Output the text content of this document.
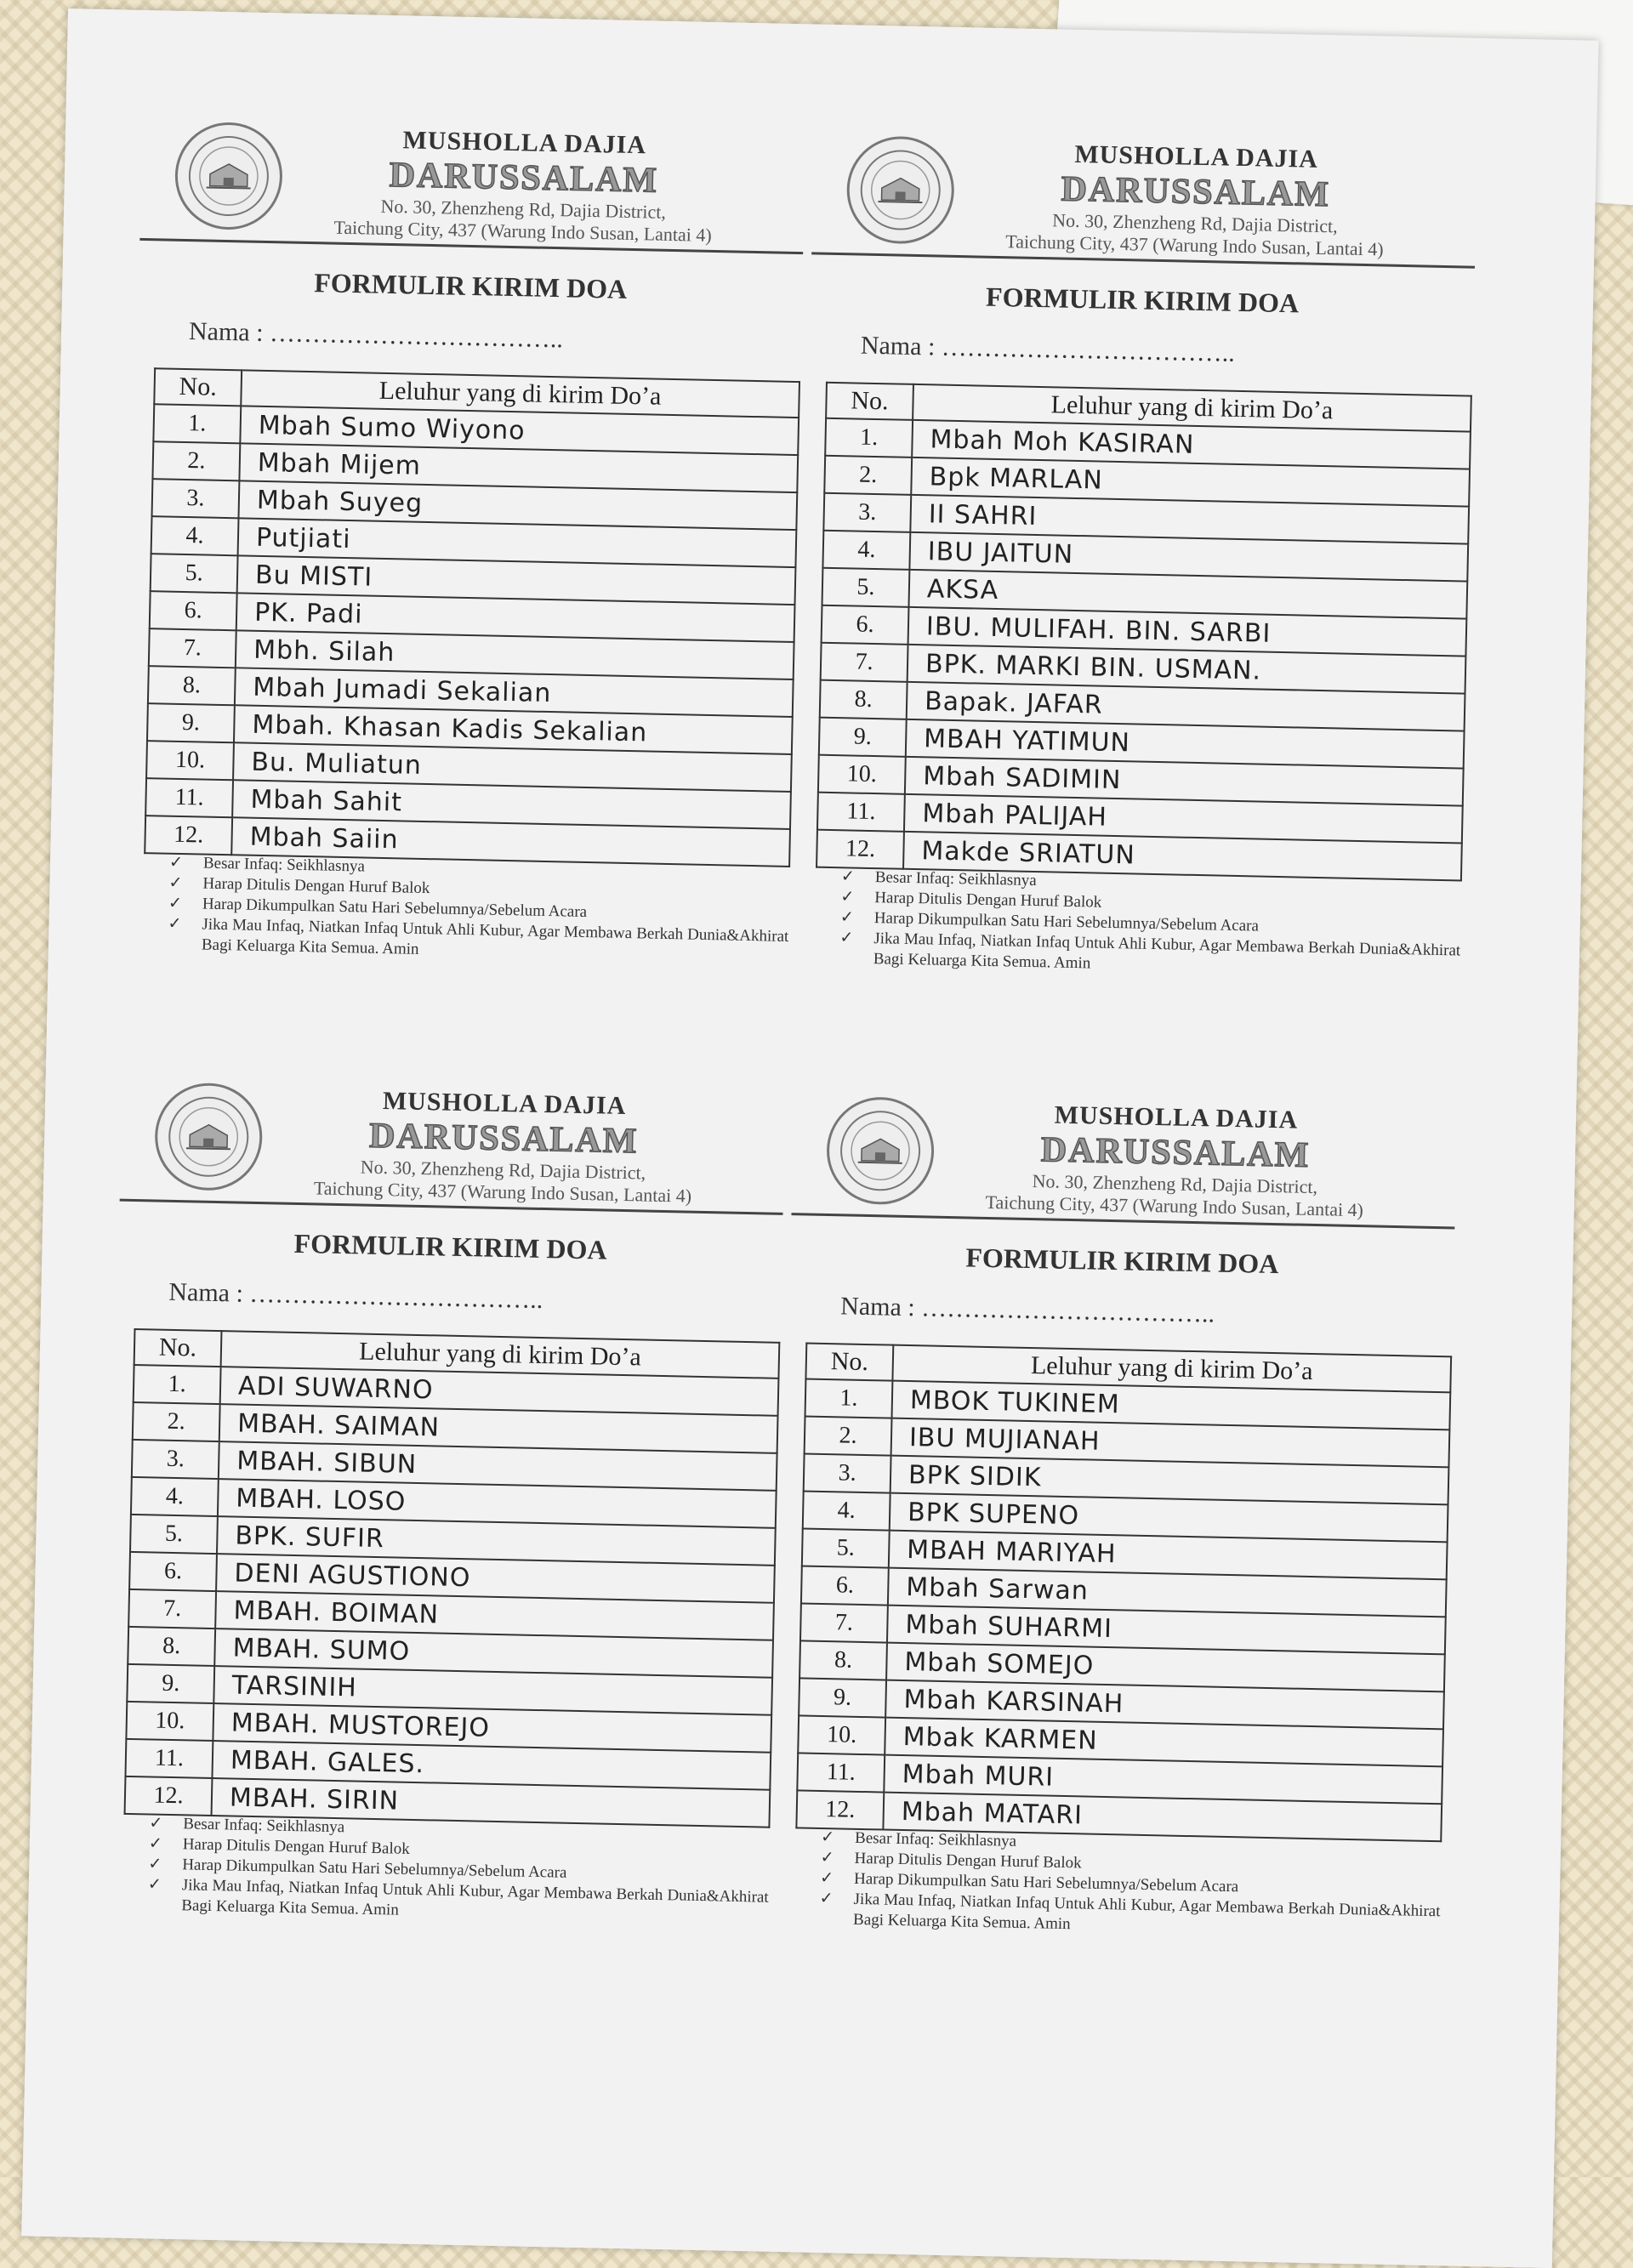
MUSHOLLA DAJIA
DARUSSALAM
No. 30, Zhenzheng Rd, Dajia District,
Taichung City, 437 (Warung Indo Susan, Lantai 4)
FORMULIR KIRIM DOA
Nama : ……………………………..
No.	Leluhur yang di kirim Do’a
1.	Mbah Sumo Wiyono
2.	Mbah Mijem
3.	Mbah Suyeg
4.	Putjiati
5.	Bu MISTI
6.	PK. Padi
7.	Mbh. Silah
8.	Mbah Jumadi Sekalian
9.	Mbah. Khasan Kadis Sekalian
10.	Bu. Muliatun
11.	Mbah Sahit
12.	Mbah Saiin
✓ Besar Infaq: Seikhlasnya
✓ Harap Ditulis Dengan Huruf Balok
✓ Harap Dikumpulkan Satu Hari Sebelumnya/Sebelum Acara
✓ Jika Mau Infaq, Niatkan Infaq Untuk Ahli Kubur, Agar Membawa Berkah Dunia&Akhirat Bagi Keluarga Kita Semua. Amin
MUSHOLLA DAJIA
DARUSSALAM
No. 30, Zhenzheng Rd, Dajia District,
Taichung City, 437 (Warung Indo Susan, Lantai 4)
FORMULIR KIRIM DOA
Nama : ……………………………..
No.	Leluhur yang di kirim Do’a
1.	Mbah Moh KASIRAN
2.	Bpk MARLAN
3.	II SAHRI
4.	IBU JAITUN
5.	AKSA
6.	IBU. MULIFAH. BIN. SARBI
7.	BPK. MARKI BIN. USMAN.
8.	Bapak. JAFAR
9.	MBAH YATIMUN
10.	Mbah SADIMIN
11.	Mbah PALIJAH
12.	Makde SRIATUN
✓ Besar Infaq: Seikhlasnya
✓ Harap Ditulis Dengan Huruf Balok
✓ Harap Dikumpulkan Satu Hari Sebelumnya/Sebelum Acara
✓ Jika Mau Infaq, Niatkan Infaq Untuk Ahli Kubur, Agar Membawa Berkah Dunia&Akhirat Bagi Keluarga Kita Semua. Amin
MUSHOLLA DAJIA
DARUSSALAM
No. 30, Zhenzheng Rd, Dajia District,
Taichung City, 437 (Warung Indo Susan, Lantai 4)
FORMULIR KIRIM DOA
Nama : ……………………………..
No.	Leluhur yang di kirim Do’a
1.	ADI SUWARNO
2.	MBAH. SAIMAN
3.	MBAH. SIBUN
4.	MBAH. LOSO
5.	BPK. SUFIR
6.	DENI AGUSTIONO
7.	MBAH. BOIMAN
8.	MBAH. SUMO
9.	TARSINIH
10.	MBAH. MUSTOREJO
11.	MBAH. GALES.
12.	MBAH. SIRIN
✓ Besar Infaq: Seikhlasnya
✓ Harap Ditulis Dengan Huruf Balok
✓ Harap Dikumpulkan Satu Hari Sebelumnya/Sebelum Acara
✓ Jika Mau Infaq, Niatkan Infaq Untuk Ahli Kubur, Agar Membawa Berkah Dunia&Akhirat Bagi Keluarga Kita Semua. Amin
MUSHOLLA DAJIA
DARUSSALAM
No. 30, Zhenzheng Rd, Dajia District,
Taichung City, 437 (Warung Indo Susan, Lantai 4)
FORMULIR KIRIM DOA
Nama : ……………………………..
No.	Leluhur yang di kirim Do’a
1.	MBOK TUKINEM
2.	IBU MUJIANAH
3.	BPK SIDIK
4.	BPK SUPENO
5.	MBAH MARIYAH
6.	Mbah Sarwan
7.	Mbah SUHARMI
8.	Mbah SOMEJO
9.	Mbah KARSINAH
10.	Mbak KARMEN
11.	Mbah MURI
12.	Mbah MATARI
✓ Besar Infaq: Seikhlasnya
✓ Harap Ditulis Dengan Huruf Balok
✓ Harap Dikumpulkan Satu Hari Sebelumnya/Sebelum Acara
✓ Jika Mau Infaq, Niatkan Infaq Untuk Ahli Kubur, Agar Membawa Berkah Dunia&Akhirat Bagi Keluarga Kita Semua. Amin
